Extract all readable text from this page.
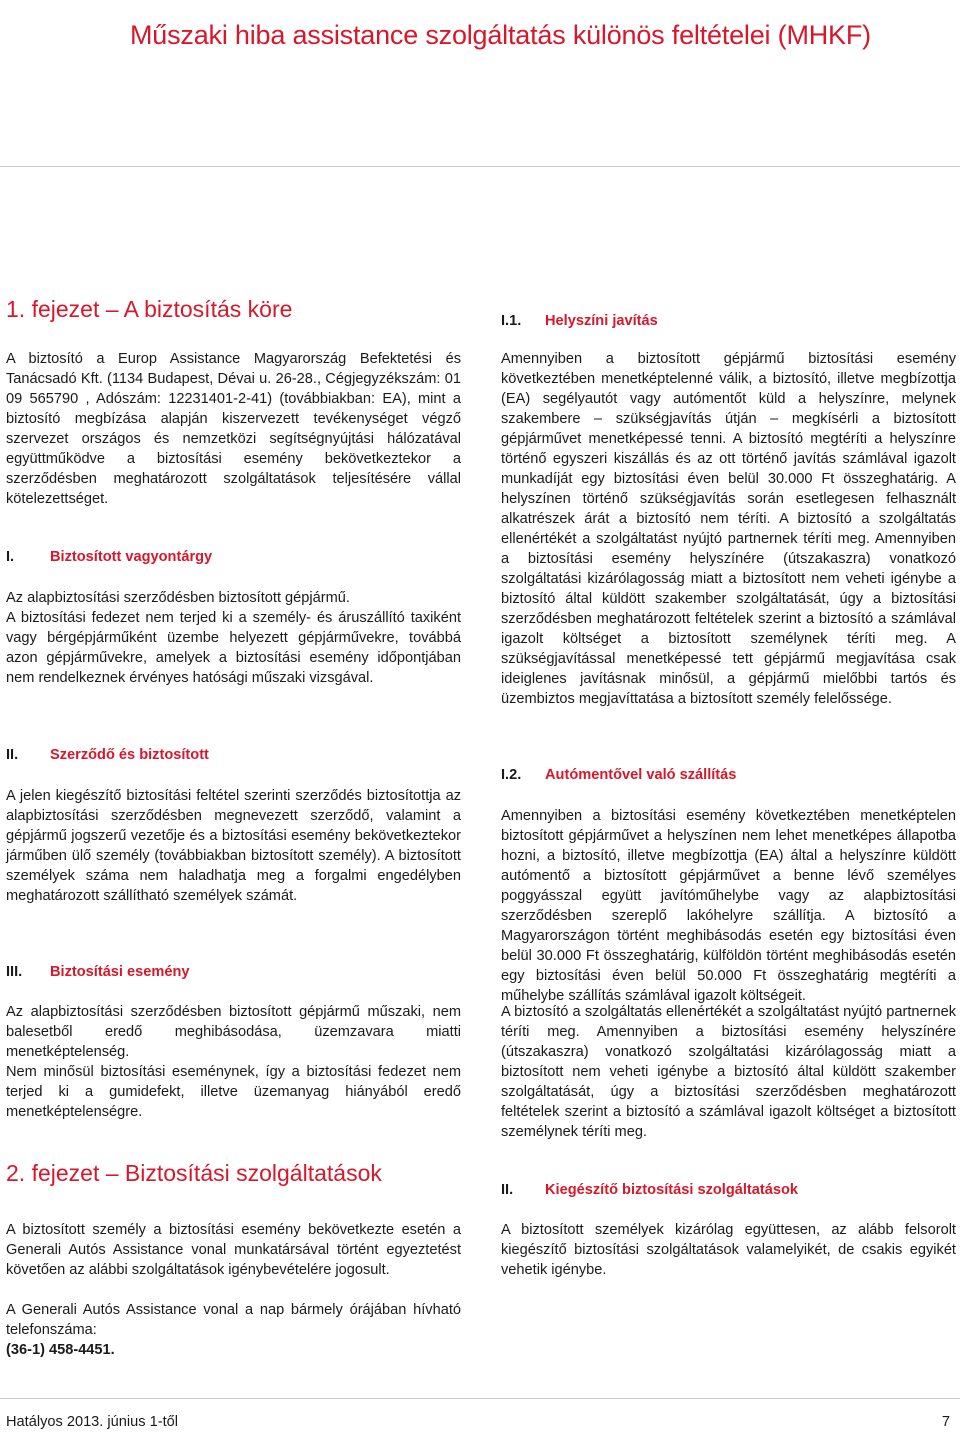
Műszaki hiba assistance szolgáltatás különös feltételei (MHKF)
1. fejezet – A biztosítás köre

A biztosító a Europ Assistance Magyarország Befektetési és Tanácsadó Kft. (1134 Budapest, Dévai u. 26-28., Cégjegyzékszám: 01 09 565790 , Adószám: 12231401-2-41) (továbbiakban: EA), mint a biztosító megbízása alapján kiszervezett tevékenységet végző szervezet országos és nemzetközi segítségnyújtási hálózatával együttműködve a biztosítási esemény bekövetkeztekor a szerződésben meghatározott szolgáltatások teljesítésére vállal kötelezettséget.

I. Biztosított vagyontárgy

Az alapbiztosítási szerződésben biztosított gépjármű.

A biztosítási fedezet nem terjed ki a személy- és áruszállító taxiként vagy bérgépjárműként üzembe helyezett gépjárművekre, továbbá azon gépjárművekre, amelyek a biztosítási esemény időpontjában nem rendelkeznek érvényes hatósági műszaki vizsgával.

II. Szerződő és biztosított

A jelen kiegészítő biztosítási feltétel szerinti szerződés biztosítottja az alapbiztosítási szerződésben megnevezett szerződő, valamint a gépjármű jogszerű vezetője és a biztosítási esemény bekövetkeztekor járműben ülő személy (továbbiakban biztosított személy). A biztosított személyek száma nem haladhatja meg a forgalmi engedélyben meghatározott szállítható személyek számát.

III. Biztosítási esemény

Az alapbiztosítási szerződésben biztosított gépjármű műszaki, nem balesetből eredő meghibásodása, üzemzavara miatti menetképtelenség.

Nem minősül biztosítási eseménynek, így a biztosítási fedezet nem terjed ki a gumidefekt, illetve üzemanyag hiányából eredő menetképtelenségre.

2. fejezet – Biztosítási szolgáltatások

A biztosított személy a biztosítási esemény bekövetkezte esetén a Generali Autós Assistance vonal munkatársával történt egyeztetést követően az alábbi szolgáltatások igénybevételére jogosult.

A Generali Autós Assistance vonal a nap bármely órájában hívható telefonszáma:

(36-1) 458-4451.

I.1. Helyszíni javítás

Amennyiben a biztosított gépjármű biztosítási esemény következtében menetképtelenné válik, a biztosító, illetve megbízottja (EA) segélyautót vagy autómentőt küld a helyszínre, melynek szakembere – szükségjavítás útján – megkísérli a biztosított gépjárművet menetképessé tenni. A biztosító megtéríti a helyszínre történő egyszeri kiszállás és az ott történő javítás számlával igazolt munkadíját egy biztosítási éven belül 30.000 Ft összeghatárig. A helyszínen történő szükségjavítás során esetlegesen felhasznált alkatrészek árát a biztosító nem téríti. A biztosító a szolgáltatás ellenértékét a szolgáltatást nyújtó partnernek téríti meg. Amennyiben a biztosítási esemény helyszínére (útszakaszra) vonatkozó szolgáltatási kizárólagosság miatt a biztosított nem veheti igénybe a biztosító által küldött szakember szolgáltatását, úgy a biztosítási szerződésben meghatározott feltételek szerint a biztosító a számlával igazolt költséget a biztosított személynek téríti meg. A szükségjavítással menetképessé tett gépjármű megjavítása csak ideiglenes javításnak minősül, a gépjármű mielőbbi tartós és üzembiztos megjavíttatása a biztosított személy felelőssége.

I.2. Autómentővel való szállítás

Amennyiben a biztosítási esemény következtében menetképtelen biztosított gépjárművet a helyszínen nem lehet menetképes állapotba hozni, a biztosító, illetve megbízottja (EA) által a helyszínre küldött autómentő a biztosított gépjárművet a benne lévő személyes poggyásszal együtt javítóműhelybe vagy az alapbiztosítási szerződésben szereplő lakóhelyre szállítja. A biztosító a Magyarországon történt meghibásodás esetén egy biztosítási éven belül 30.000 Ft összeghatárig, külföldön történt meghibásodás esetén egy biztosítási éven belül 50.000 Ft összeghatárig megtéríti a műhelybe szállítás számlával igazolt költségeit.

A biztosító a szolgáltatás ellenértékét a szolgáltatást nyújtó partnernek téríti meg. Amennyiben a biztosítási esemény helyszínére (útszakaszra) vonatkozó szolgáltatási kizárólagosság miatt a biztosított nem veheti igénybe a biztosító által küldött szakember szolgáltatását, úgy a biztosítási szerződésben meghatározott feltételek szerint a biztosító a számlával igazolt költséget a biztosított személynek téríti meg.

II. Kiegészítő biztosítási szolgáltatások

A biztosított személyek kizárólag együttesen, az alább felsorolt kiegészítő biztosítási szolgáltatások valamelyikét, de csakis egyikét vehetik igénybe.

Hatályos 2013. június 1-től	7
